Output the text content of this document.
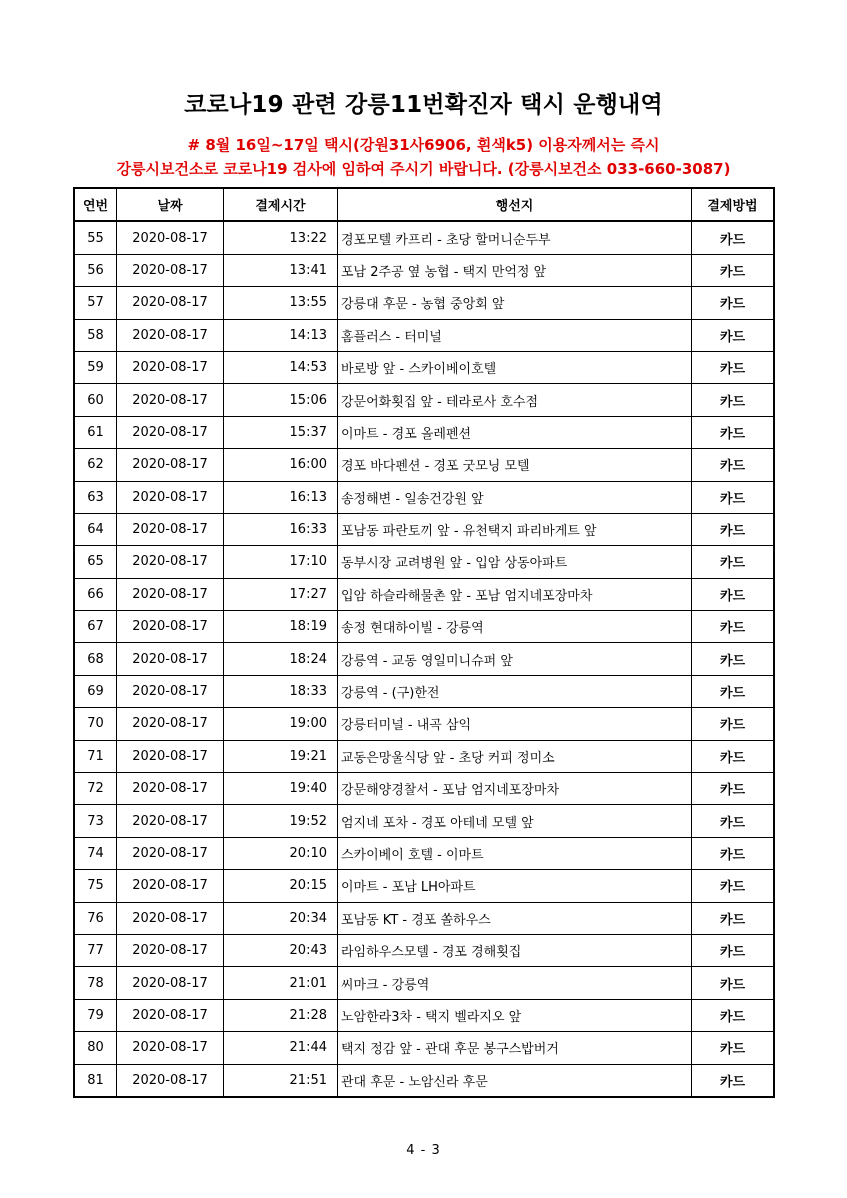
코로나19 관련 강릉11번확진자 택시 운행내역
# 8월 16일~17일 택시(강원31사6906, 흰색k5) 이용자께서는 즉시
강릉시보건소로 코로나19 검사에 임하여 주시기 바랍니다. (강릉시보건소 033-660-3087)
연번	날짜	결제시간	행선지	결제방법
55	2020-08-17	13:22	경포모텔 카프리 - 초당 할머니순두부	카드
56	2020-08-17	13:41	포남 2주공 옆 농협 - 택지 만억정 앞	카드
57	2020-08-17	13:55	강릉대 후문 - 농협 중앙회 앞	카드
58	2020-08-17	14:13	홈플러스 - 터미널	카드
59	2020-08-17	14:53	바로방 앞 - 스카이베이호텔	카드
60	2020-08-17	15:06	강문어화횟집 앞 - 테라로사 호수점	카드
61	2020-08-17	15:37	이마트 - 경포 올레펜션	카드
62	2020-08-17	16:00	경포 바다펜션 - 경포 굿모닝 모텔	카드
63	2020-08-17	16:13	송정해변 - 일송건강원 앞	카드
64	2020-08-17	16:33	포남동 파란토끼 앞 - 유천택지 파리바게트 앞	카드
65	2020-08-17	17:10	동부시장 교려병원 앞 - 입암 상동아파트	카드
66	2020-08-17	17:27	입암 하슬라해물촌 앞 - 포남 엄지네포장마차	카드
67	2020-08-17	18:19	송정 현대하이빌 - 강릉역	카드
68	2020-08-17	18:24	강릉역 - 교동 영일미니슈퍼 앞	카드
69	2020-08-17	18:33	강릉역 - (구)한전	카드
70	2020-08-17	19:00	강릉터미널 - 내곡 삼익	카드
71	2020-08-17	19:21	교동은망울식당 앞 - 초당 커피 정미소	카드
72	2020-08-17	19:40	강문해양경찰서 - 포남 엄지네포장마차	카드
73	2020-08-17	19:52	엄지네 포차 - 경포 아테네 모텔 앞	카드
74	2020-08-17	20:10	스카이베이 호텔 - 이마트	카드
75	2020-08-17	20:15	이마트 - 포남 LH아파트	카드
76	2020-08-17	20:34	포남동 KT - 경포 쏠하우스	카드
77	2020-08-17	20:43	라임하우스모텔 - 경포 경해횟집	카드
78	2020-08-17	21:01	씨마크 - 강릉역	카드
79	2020-08-17	21:28	노암한라3차 - 택지 벨라지오 앞	카드
80	2020-08-17	21:44	택지 정감 앞 - 관대 후문 봉구스밥버거	카드
81	2020-08-17	21:51	관대 후문 - 노암신라 후문	카드
4 - 3
